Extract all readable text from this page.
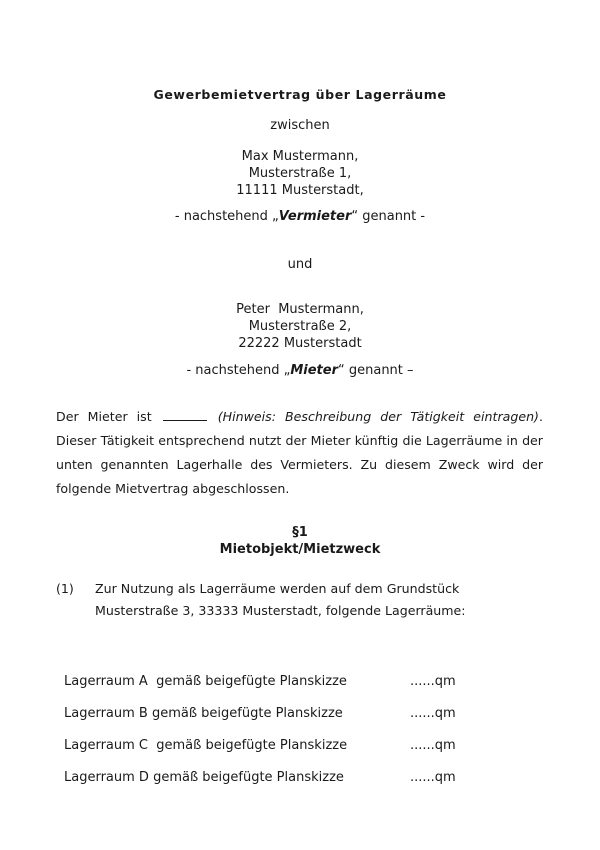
Gewerbemietvertrag über Lagerräume
zwischen
Max Mustermann,
Musterstraße 1,
11111 Musterstadt,
- nachstehend „Vermieter“ genannt -
und
Peter  Mustermann,
Musterstraße 2,
22222 Musterstadt
- nachstehend „Mieter“ genannt –
Der Mieter ist	(Hinweis: Beschreibung der Tätigkeit eintragen). Dieser Tätigkeit entsprechend nutzt der Mieter künftig die Lagerräume in der unten genannten Lagerhalle des Vermieters. Zu diesem Zweck wird der folgende Mietvertrag abgeschlossen.
§1
Mietobjekt/Mietzweck
(1) Zur Nutzung als Lagerräume werden auf dem Grundstück Musterstraße 3, 33333 Musterstadt, folgende Lagerräume:
Lagerraum A  gemäß beigefügte Planskizze	......qm
Lagerraum B gemäß beigefügte Planskizze	......qm
Lagerraum C  gemäß beigefügte Planskizze	......qm
Lagerraum D gemäß beigefügte Planskizze	......qm
